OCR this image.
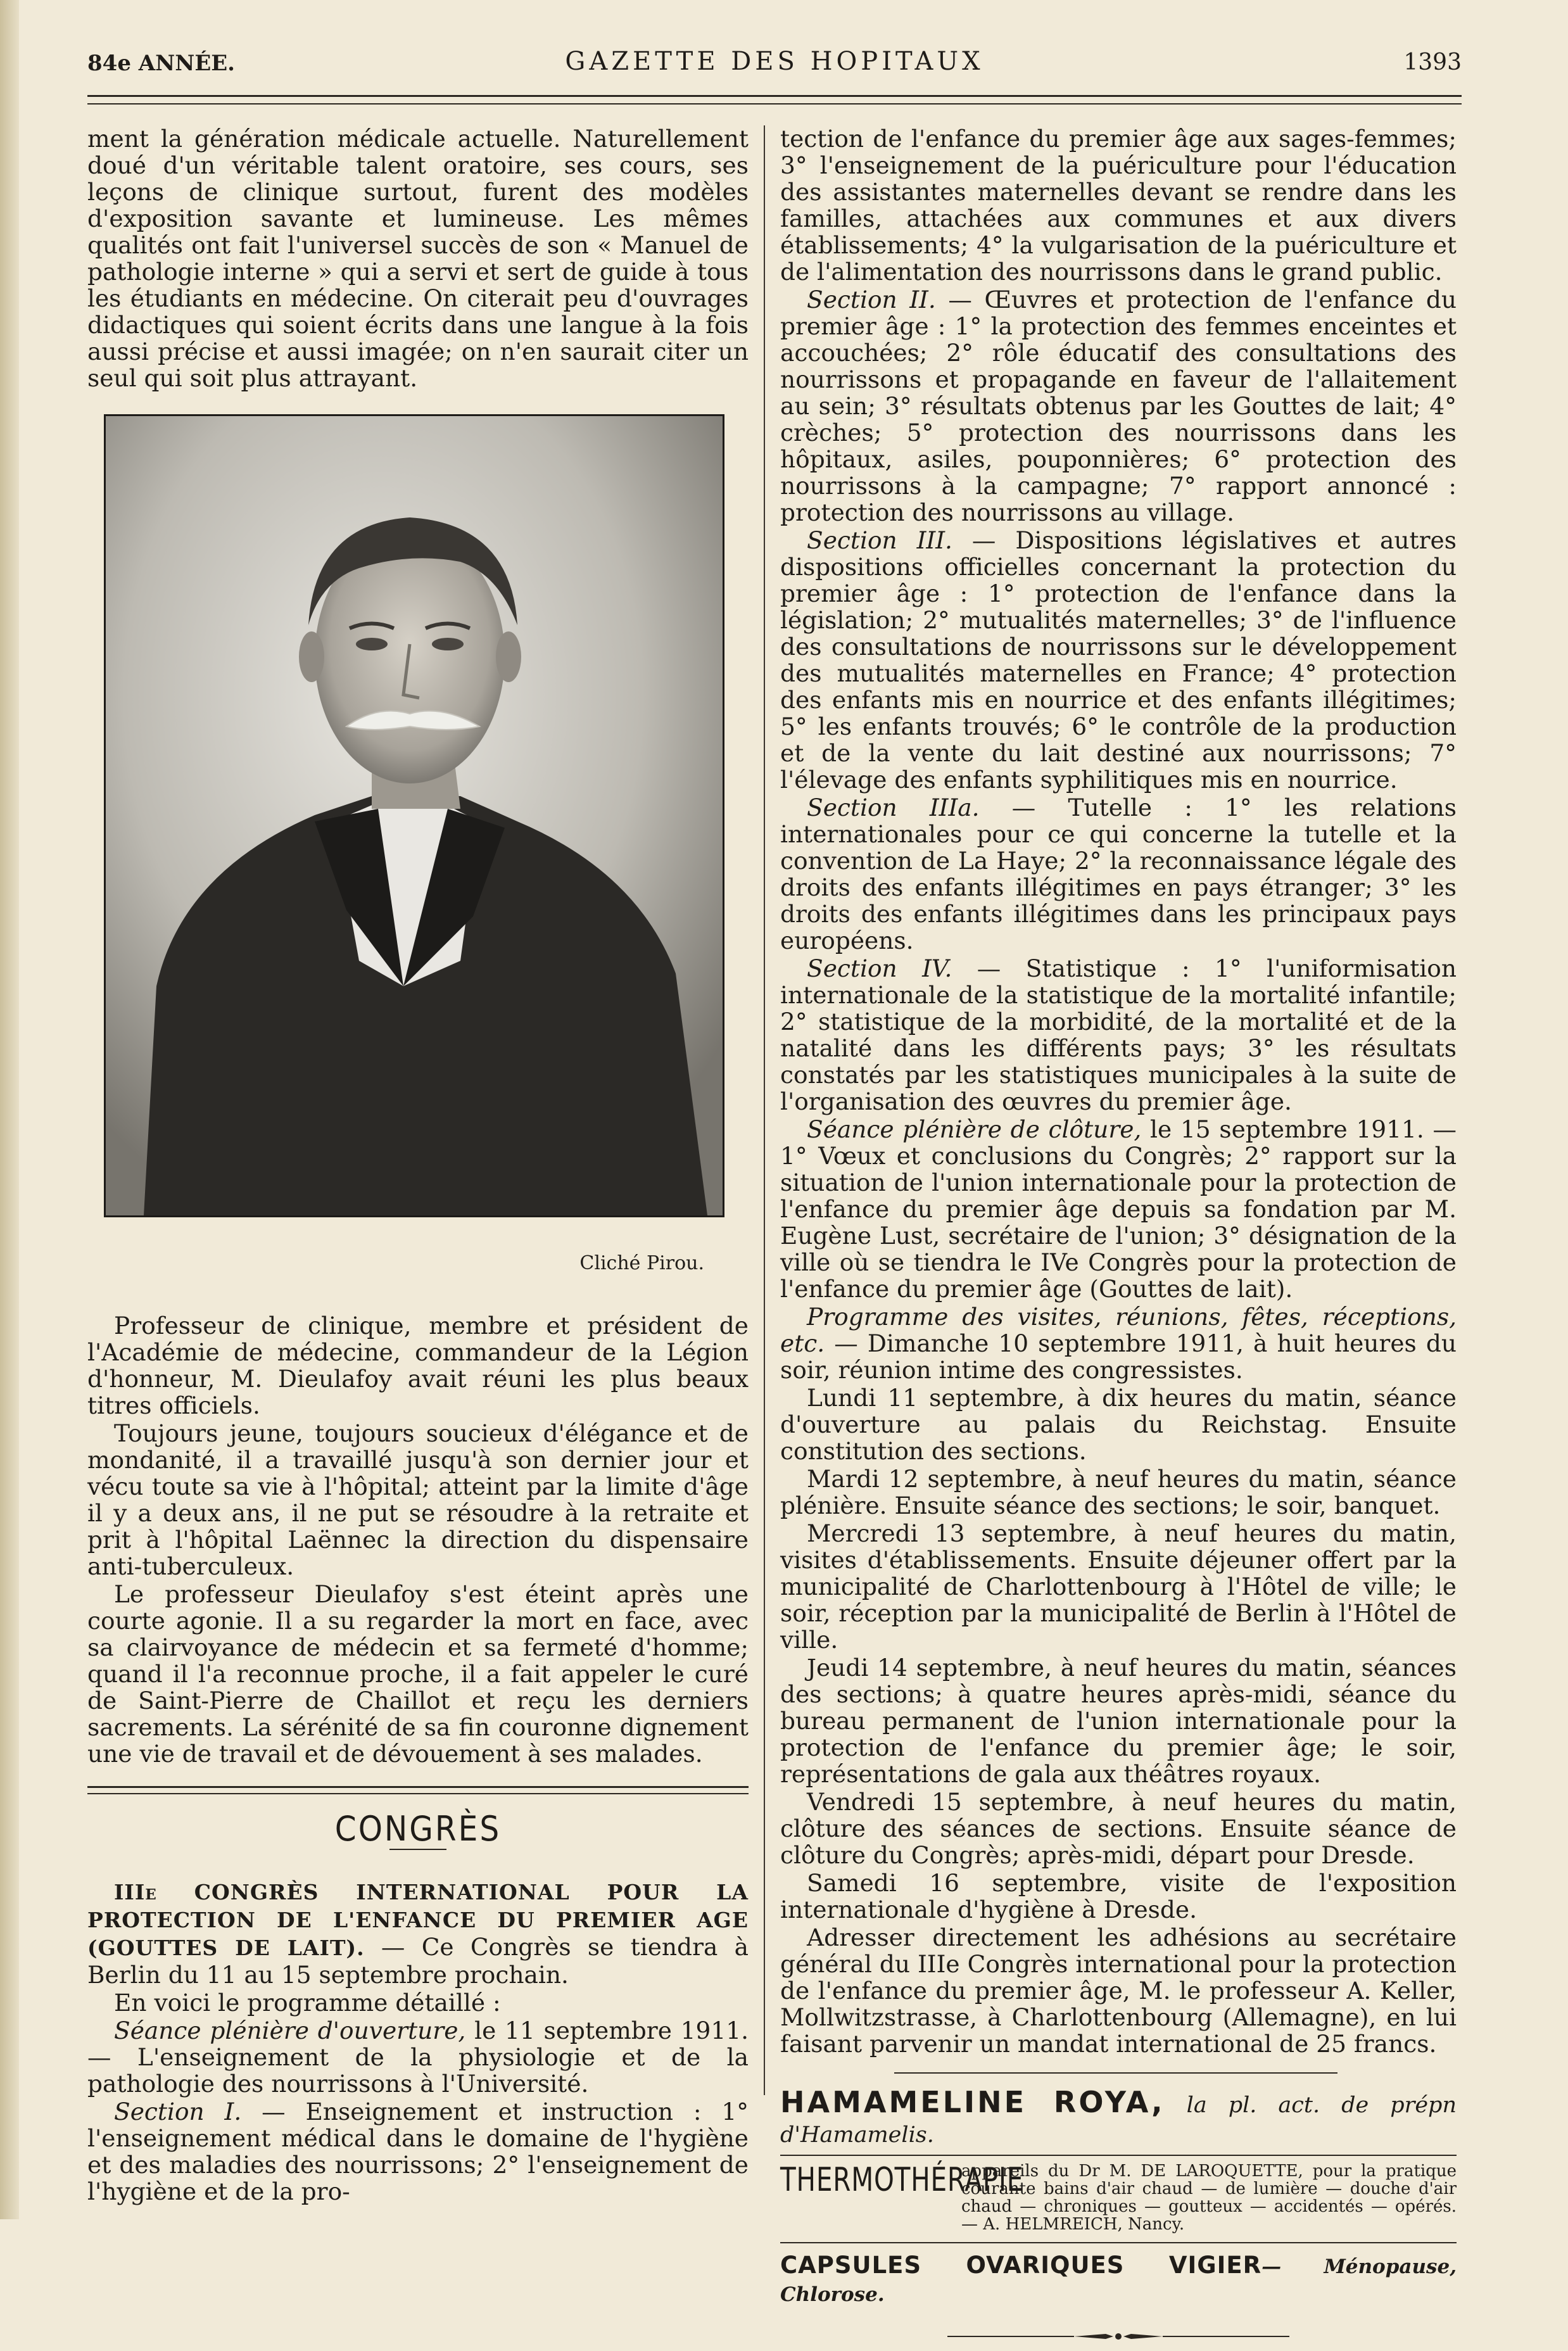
84e ANNÉE.	GAZETTE DES HOPITAUX	1393

ment la génération médicale actuelle. Naturellement doué d'un véritable talent oratoire, ses cours, ses leçons de clinique surtout, furent des modèles d'exposition savante et lumineuse. Les mêmes qualités ont fait l'universel succès de son « Manuel de pathologie interne » qui a servi et sert de guide à tous les étudiants en médecine. On citerait peu d'ouvrages didactiques qui soient écrits dans une langue à la fois aussi précise et aussi imagée; on n'en saurait citer un seul qui soit plus attrayant.

Cliché Pirou.

Professeur de clinique, membre et président de l'Académie de médecine, commandeur de la Légion d'honneur, M. Dieulafoy avait réuni les plus beaux titres officiels.

Toujours jeune, toujours soucieux d'élégance et de mondanité, il a travaillé jusqu'à son dernier jour et vécu toute sa vie à l'hôpital; atteint par la limite d'âge il y a deux ans, il ne put se résoudre à la retraite et prit à l'hôpital Laënnec la direction du dispensaire anti-tuberculeux.

Le professeur Dieulafoy s'est éteint après une courte agonie. Il a su regarder la mort en face, avec sa clairvoyance de médecin et sa fermeté d'homme; quand il l'a reconnue proche, il a fait appeler le curé de Saint-Pierre de Chaillot et reçu les derniers sacrements. La sérénité de sa fin couronne dignement une vie de travail et de dévouement à ses malades.

CONGRÈS

IIIe CONGRÈS INTERNATIONAL POUR LA PROTECTION DE L'ENFANCE DU PREMIER AGE (GOUTTES DE LAIT). — Ce Congrès se tiendra à Berlin du 11 au 15 septembre prochain.

En voici le programme détaillé :

Séance plénière d'ouverture, le 11 septembre 1911. — L'enseignement de la physiologie et de la pathologie des nourrissons à l'Université.

Section I. — Enseignement et instruction : 1° l'enseignement médical dans le domaine de l'hygiène et des maladies des nourrissons; 2° l'enseignement de l'hygiène et de la pro-

tection de l'enfance du premier âge aux sages-femmes; 3° l'enseignement de la puériculture pour l'éducation des assistantes maternelles devant se rendre dans les familles, attachées aux communes et aux divers établissements; 4° la vulgarisation de la puériculture et de l'alimentation des nourrissons dans le grand public.

Section II. — Œuvres et protection de l'enfance du premier âge : 1° la protection des femmes enceintes et accouchées; 2° rôle éducatif des consultations des nourrissons et propagande en faveur de l'allaitement au sein; 3° résultats obtenus par les Gouttes de lait; 4° crèches; 5° protection des nourrissons dans les hôpitaux, asiles, pouponnières; 6° protection des nourrissons à la campagne; 7° rapport annoncé : protection des nourrissons au village.

Section III. — Dispositions législatives et autres dispositions officielles concernant la protection du premier âge : 1° protection de l'enfance dans la législation; 2° mutualités maternelles; 3° de l'influence des consultations de nourrissons sur le développement des mutualités maternelles en France; 4° protection des enfants mis en nourrice et des enfants illégitimes; 5° les enfants trouvés; 6° le contrôle de la production et de la vente du lait destiné aux nourrissons; 7° l'élevage des enfants syphilitiques mis en nourrice.

Section IIIa. — Tutelle : 1° les relations internationales pour ce qui concerne la tutelle et la convention de La Haye; 2° la reconnaissance légale des droits des enfants illégitimes en pays étranger; 3° les droits des enfants illégitimes dans les principaux pays européens.

Section IV. — Statistique : 1° l'uniformisation internationale de la statistique de la mortalité infantile; 2° statistique de la morbidité, de la mortalité et de la natalité dans les différents pays; 3° les résultats constatés par les statistiques municipales à la suite de l'organisation des œuvres du premier âge.

Séance plénière de clôture, le 15 septembre 1911. — 1° Vœux et conclusions du Congrès; 2° rapport sur la situation de l'union internationale pour la protection de l'enfance du premier âge depuis sa fondation par M. Eugène Lust, secrétaire de l'union; 3° désignation de la ville où se tiendra le IVe Congrès pour la protection de l'enfance du premier âge (Gouttes de lait).

Programme des visites, réunions, fêtes, réceptions, etc. — Dimanche 10 septembre 1911, à huit heures du soir, réunion intime des congressistes.

Lundi 11 septembre, à dix heures du matin, séance d'ouverture au palais du Reichstag. Ensuite constitution des sections.

Mardi 12 septembre, à neuf heures du matin, séance plénière. Ensuite séance des sections; le soir, banquet.

Mercredi 13 septembre, à neuf heures du matin, visites d'établissements. Ensuite déjeuner offert par la municipalité de Charlottenbourg à l'Hôtel de ville; le soir, réception par la municipalité de Berlin à l'Hôtel de ville.

Jeudi 14 septembre, à neuf heures du matin, séances des sections; à quatre heures après-midi, séance du bureau permanent de l'union internationale pour la protection de l'enfance du premier âge; le soir, représentations de gala aux théâtres royaux.

Vendredi 15 septembre, à neuf heures du matin, clôture des séances de sections. Ensuite séance de clôture du Congrès; après-midi, départ pour Dresde.

Samedi 16 septembre, visite de l'exposition internationale d'hygiène à Dresde.

Adresser directement les adhésions au secrétaire général du IIIe Congrès international pour la protection de l'enfance du premier âge, M. le professeur A. Keller, Mollwitzstrasse, à Charlottenbourg (Allemagne), en lui faisant parvenir un mandat international de 25 francs.

HAMAMELINE ROYA, la pl. act. de prépn d'Hamamelis.
THERMOTHÉRAPIE
appareils du Dr M. DE LAROQUETTE, pour la pratique courante bains d'air chaud — de lumière — douche d'air chaud — chroniques — goutteux — accidentés — opérés. — A. HELMREICH, Nancy.
CAPSULES OVARIQUES VIGIER— Ménopause, Chlorose.
